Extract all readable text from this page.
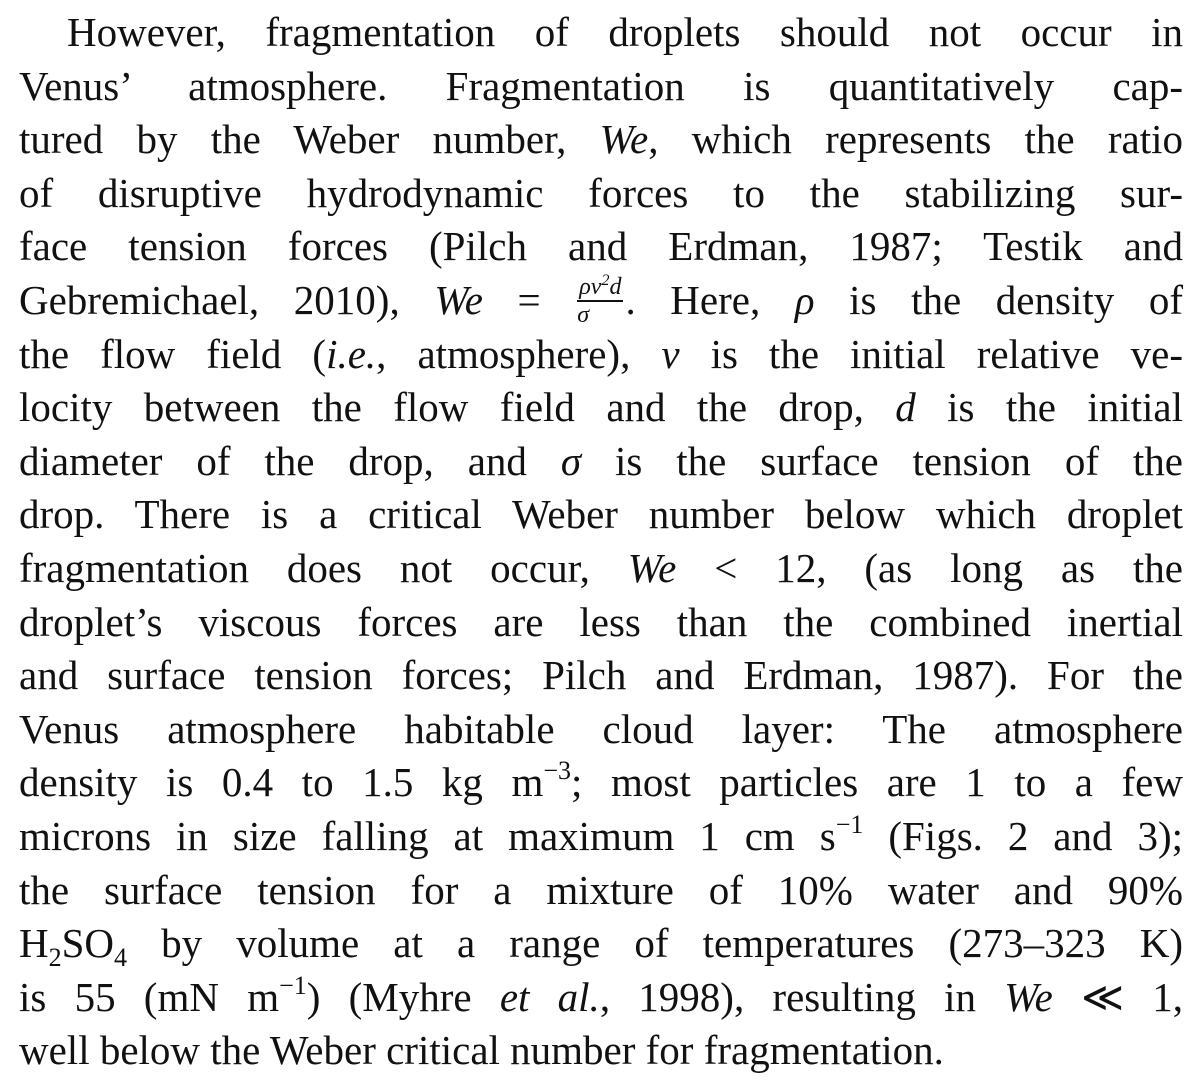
However, fragmentation of droplets should not occur in
Venus’ atmosphere. Fragmentation is quantitatively cap-
tured by the Weber number, We, which represents the ratio
of disruptive hydrodynamic forces to the stabilizing sur-
face tension forces (Pilch and Erdman, 1987; Testik and
Gebremichael, 2010), $We = \frac{\rho v^2d}{\sigma}$ . Here, ρ is the density of
the flow field (i.e., atmosphere), v is the initial relative ve-
locity between the flow field and the drop, d is the initial
diameter of the drop, and σ is the surface tension of the
drop. There is a critical Weber number below which droplet
fragmentation does not occur, We < 12, (as long as the
droplet’s viscous forces are less than the combined inertial
and surface tension forces; Pilch and Erdman, 1987). For the
Venus atmosphere habitable cloud layer: The atmosphere
density is 0.4 to 1.5 kg $m^{-3}$; most particles are 1 to a few
microns in size falling at maximum 1 cm $s^{-1}$ (Figs. 2 and 3);
the surface tension for a mixture of 10% water and 90%
$H_2SO_4$ by volume at a range of temperatures (273–323 K)
is 55 (mN $m^{-1}$) (Myhre et al., 1998), resulting in We ≪ 1,
well below the Weber critical number for fragmentation.
